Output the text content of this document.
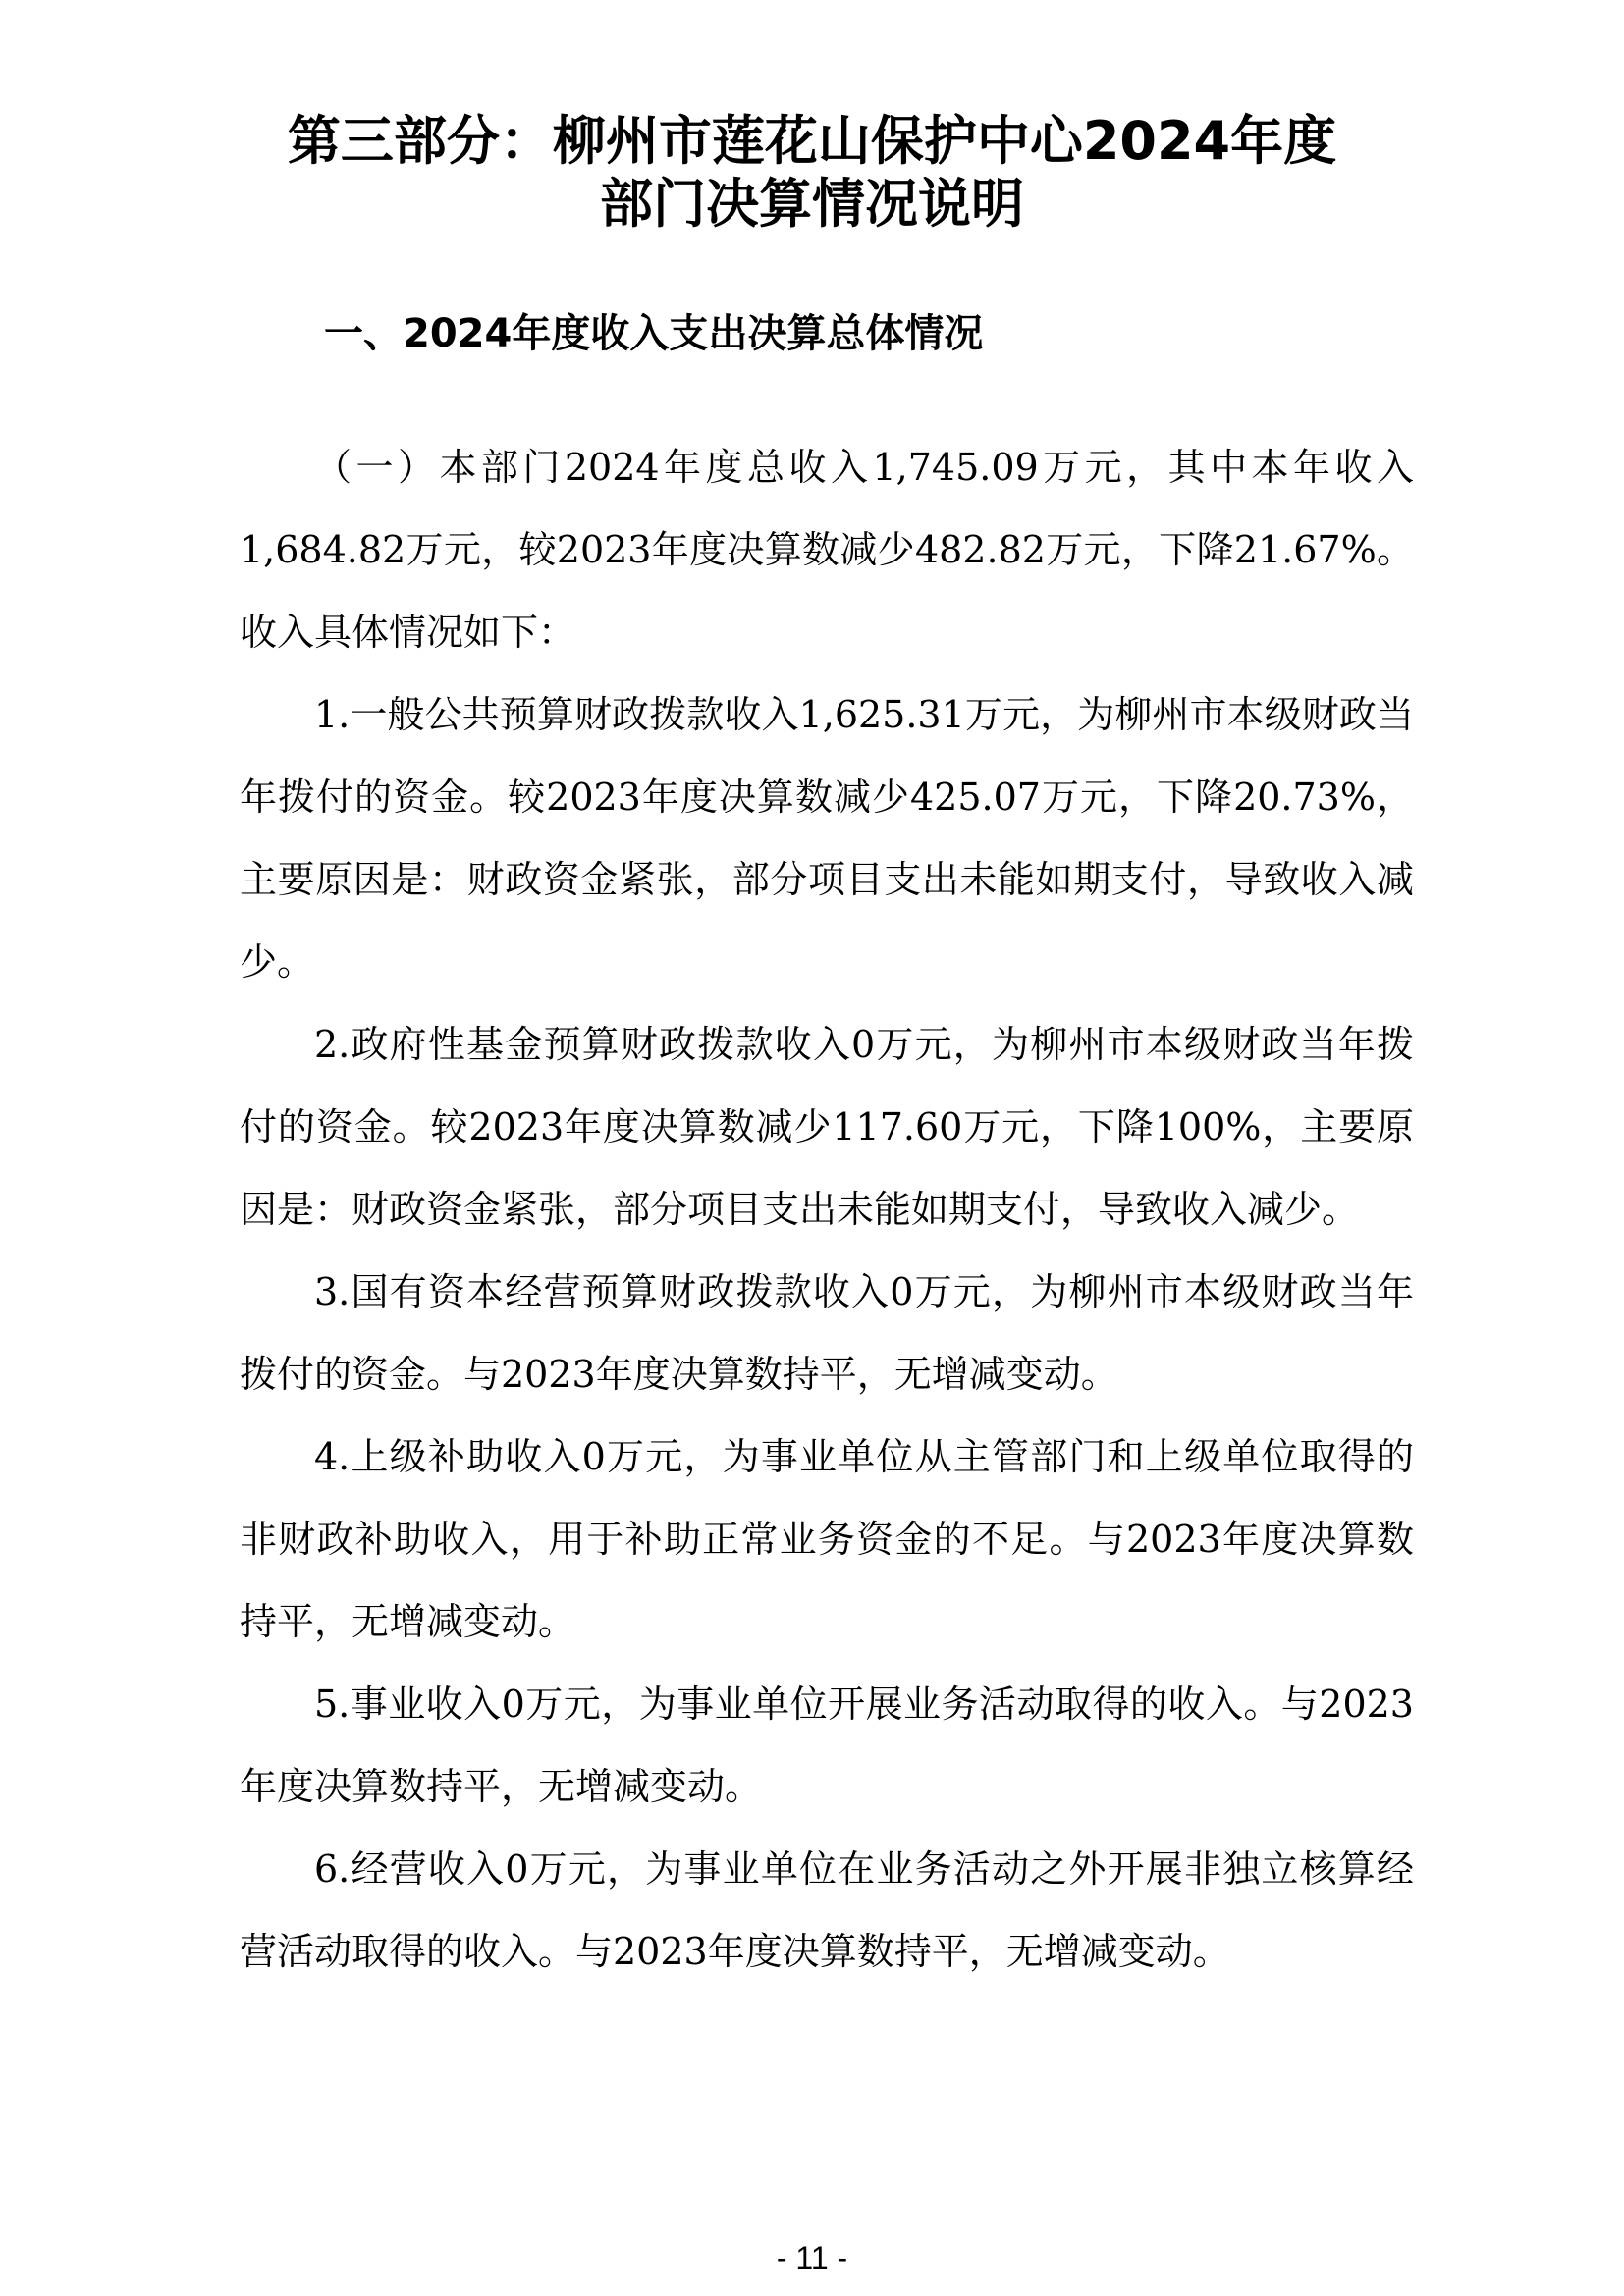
第三部分：柳州市莲花山保护中心2024年度
部门决算情况说明
一、2024年度收入支出决算总体情况

（一）本部门2024年度总收入1,745.09万元，其中本年收入1,684.82万元，较2023年度决算数减少482.82万元，下降21.67%。收入具体情况如下：

1.一般公共预算财政拨款收入1,625.31万元，为柳州市本级财政当年拨付的资金。较2023年度决算数减少425.07万元，下降20.73%，主要原因是：财政资金紧张，部分项目支出未能如期支付，导致收入减少。

2.政府性基金预算财政拨款收入0万元，为柳州市本级财政当年拨付的资金。较2023年度决算数减少117.60万元，下降100%，主要原因是：财政资金紧张，部分项目支出未能如期支付，导致收入减少。

3.国有资本经营预算财政拨款收入0万元，为柳州市本级财政当年拨付的资金。与2023年度决算数持平，无增减变动。

4.上级补助收入0万元，为事业单位从主管部门和上级单位取得的非财政补助收入，用于补助正常业务资金的不足。与2023年度决算数持平，无增减变动。

5.事业收入0万元，为事业单位开展业务活动取得的收入。与2023年度决算数持平，无增减变动。

6.经营收入0万元，为事业单位在业务活动之外开展非独立核算经营活动取得的收入。与2023年度决算数持平，无增减变动。

- 11 -
